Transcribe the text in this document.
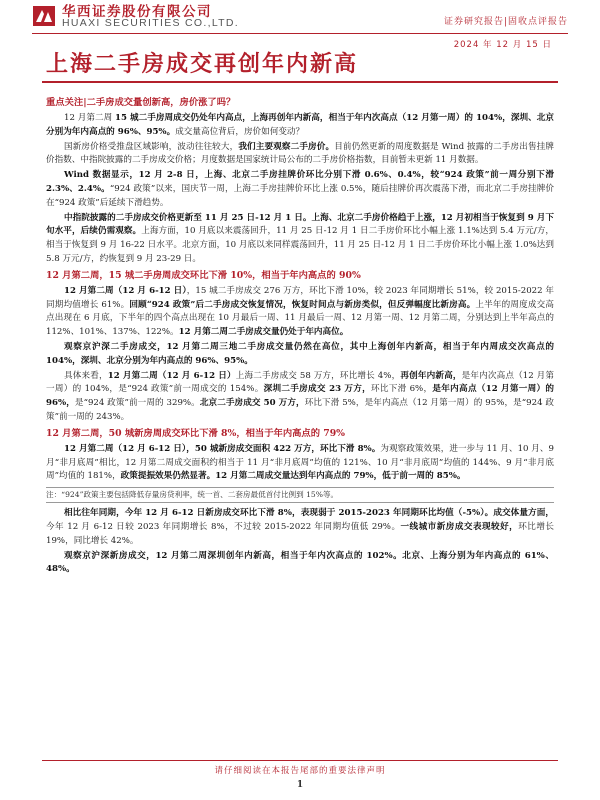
华西证券股份有限公司
HUAXI SECURITIES CO.,LTD.	证券研究报告|固收点评报告
2024 年 12 月 15 日
上海二手房成交再创年内新高
重点关注|二手房成交量创新高，房价涨了吗？

12 月第二周 15 城二手房周成交仍处年内高点，上海再创年内新高，相当于年内次高点（12 月第一周）的 104%，深圳、北京分别为年内高点的 96%、95%。成交量高位背后，房价如何变动？

国新房价格受推盘区域影响，波动往往较大，我们主要观察二手房价。目前仍然更新的周度数据是 Wind 披露的二手房出售挂牌价指数、中指院披露的二手房成交价格；月度数据是国家统计局公布的二手房价格指数，目前暂未更新 11 月数据。

Wind 数据显示，12 月 2-8 日，上海、北京二手房挂牌价环比分别下滑 0.6%、0.4%，较“924 政策”前一周分别下滑 2.3%、2.4%。“924 政策”以来，国庆节一周，上海二手房挂牌价环比上涨 0.5%，随后挂牌价再次震荡下滑，而北京二手房挂牌价在“924 政策”后延续下滑趋势。

中指院披露的二手房成交价格更新至 11 月 25 日-12 月 1 日。上海、北京二手房价格趋于上涨，12 月初相当于恢复到 9 月下旬水平，后续仍需观察。上海方面，10 月底以来震荡回升，11 月 25 日-12 月 1 日二手房价环比小幅上涨 1.1%达到 5.4 万元/方，相当于恢复到 9 月 16-22 日水平。北京方面，10 月底以来同样震荡回升，11 月 25 日-12 月 1 日二手房价环比小幅上涨 1.0%达到 5.8 万元/方，约恢复到 9 月 23-29 日。

12 月第二周，15 城二手房周成交环比下滑 10%，相当于年内高点的 90%

12 月第二周（12 月 6-12 日），15 城二手房成交 276 万方，环比下滑 10%，较 2023 年同期增长 51%，较 2015-2022 年同期均值增长 61%。回顾“924 政策”后二手房成交恢复情况，恢复时间点与新房类似，但反弹幅度比新房高。上半年的周度成交高点出现在 6 月底，下半年的四个高点出现在 10 月最后一周、11 月最后一周、12 月第一周、12 月第二周，分别达到上半年高点的 112%、101%、137%、122%。12 月第二周二手房成交量仍处于年内高位。

观察京沪深二手房成交，12 月第二周三地二手房成交量仍然在高位，其中上海创年内新高，相当于年内周成交次高点的 104%，深圳、北京分别为年内高点的 96%、95%。

具体来看，12 月第二周（12 月 6-12 日）上海二手房成交 58 万方，环比增长 4%，再创年内新高，是年内次高点（12 月第一周）的 104%，是“924 政策”前一周成交的 154%。深圳二手房成交 23 万方，环比下滑 6%，是年内高点（12 月第一周）的 96%，是“924 政策”前一周的 329%。北京二手房成交 50 万方，环比下滑 5%，是年内高点（12 月第一周）的 95%，是“924 政策”前一周的 243%。

12 月第二周，50 城新房周成交环比下滑 8%，相当于年内高点的 79%

12 月第二周（12 月 6-12 日），50 城新房成交面积 422 万方，环比下滑 8%。为观察政策效果，进一步与 11 月、10 月、9 月“非月底周”相比，12 月第二周成交面积约相当于 11 月“非月底周”均值的 121%、10 月“非月底周”均值的 144%、9 月“非月底周”均值的 181%，政策提振效果仍然显著。12 月第二周成交量达到年内高点的 79%，低于前一周的 85%。

注：“924”政策主要包括降低存量房贷利率，统一首、二套房最低首付比例到 15%等。

相比往年同期，今年 12 月 6-12 日新房成交环比下滑 8%，表现弱于 2015-2023 年同期环比均值（-5%）。成交体量方面，今年 12 月 6-12 日较 2023 年同期增长 8%，不过较 2015-2022 年同期均值低 29%。一线城市新房成交表现较好，环比增长 19%，同比增长 42%。

观察京沪深新房成交，12 月第二周深圳创年内新高，相当于年内次高点的 102%。北京、上海分别为年内高点的 61%、48%。

请仔细阅读在本报告尾部的重要法律声明
1
